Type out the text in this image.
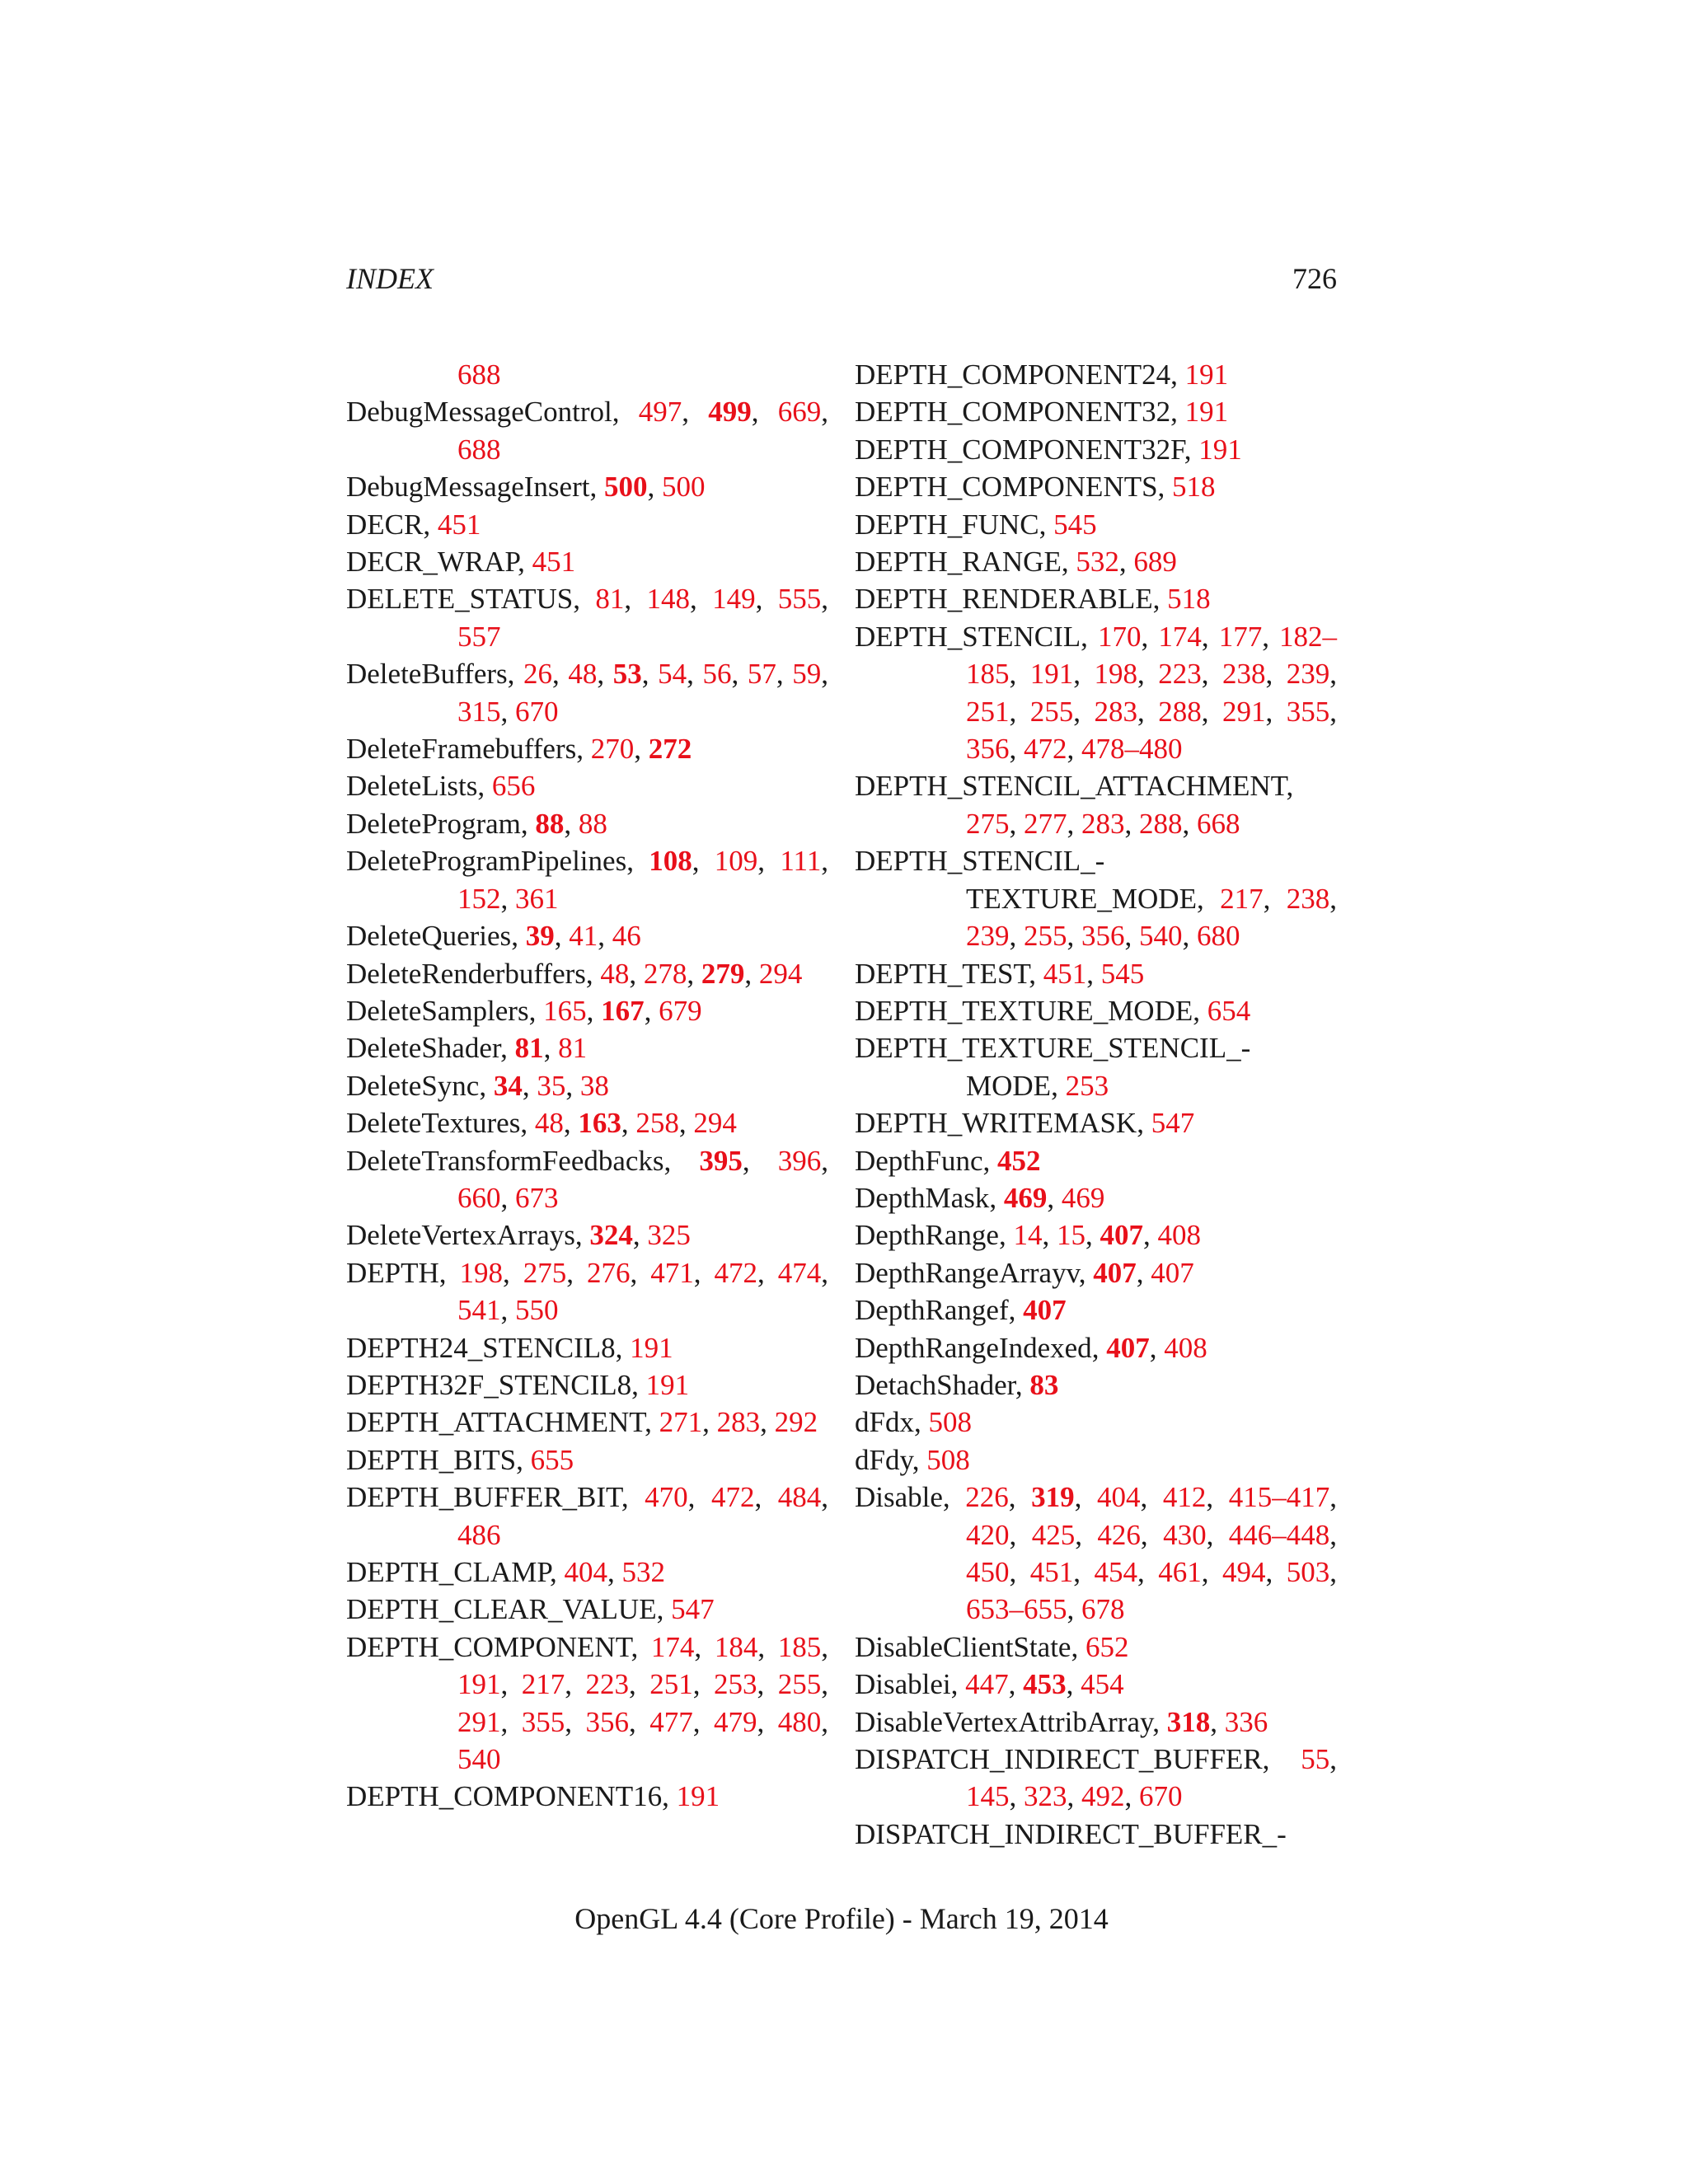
INDEX	726
688
DebugMessageControl, 497, 499, 669, 688
DebugMessageInsert, 500, 500
DECR, 451
DECR_WRAP, 451
DELETE_STATUS, 81, 148, 149, 555, 557
DeleteBuffers, 26, 48, 53, 54, 56, 57, 59, 315, 670
DeleteFramebuffers, 270, 272
DeleteLists, 656
DeleteProgram, 88, 88
DeleteProgramPipelines, 108, 109, 111, 152, 361
DeleteQueries, 39, 41, 46
DeleteRenderbuffers, 48, 278, 279, 294
DeleteSamplers, 165, 167, 679
DeleteShader, 81, 81
DeleteSync, 34, 35, 38
DeleteTextures, 48, 163, 258, 294
DeleteTransformFeedbacks, 395, 396, 660, 673
DeleteVertexArrays, 324, 325
DEPTH, 198, 275, 276, 471, 472, 474, 541, 550
DEPTH24_STENCIL8, 191
DEPTH32F_STENCIL8, 191
DEPTH_ATTACHMENT, 271, 283, 292
DEPTH_BITS, 655
DEPTH_BUFFER_BIT, 470, 472, 484, 486
DEPTH_CLAMP, 404, 532
DEPTH_CLEAR_VALUE, 547
DEPTH_COMPONENT, 174, 184, 185, 191, 217, 223, 251, 253, 255, 291, 355, 356, 477, 479, 480, 540
DEPTH_COMPONENT16, 191
DEPTH_COMPONENT24, 191
DEPTH_COMPONENT32, 191
DEPTH_COMPONENT32F, 191
DEPTH_COMPONENTS, 518
DEPTH_FUNC, 545
DEPTH_RANGE, 532, 689
DEPTH_RENDERABLE, 518
DEPTH_STENCIL, 170, 174, 177, 182–185, 191, 198, 223, 238, 239, 251, 255, 283, 288, 291, 355, 356, 472, 478–480
DEPTH_STENCIL_ATTACHMENT, 275, 277, 283, 288, 668
DEPTH_STENCIL_-
TEXTURE_MODE, 217, 238, 239, 255, 356, 540, 680
DEPTH_TEST, 451, 545
DEPTH_TEXTURE_MODE, 654
DEPTH_TEXTURE_STENCIL_-
MODE, 253
DEPTH_WRITEMASK, 547
DepthFunc, 452
DepthMask, 469, 469
DepthRange, 14, 15, 407, 408
DepthRangeArrayv, 407, 407
DepthRangef, 407
DepthRangeIndexed, 407, 408
DetachShader, 83
dFdx, 508
dFdy, 508
Disable, 226, 319, 404, 412, 415–417, 420, 425, 426, 430, 446–448, 450, 451, 454, 461, 494, 503, 653–655, 678
DisableClientState, 652
Disablei, 447, 453, 454
DisableVertexAttribArray, 318, 336
DISPATCH_INDIRECT_BUFFER, 55, 145, 323, 492, 670
DISPATCH_INDIRECT_BUFFER_-
OpenGL 4.4 (Core Profile) - March 19, 2014
